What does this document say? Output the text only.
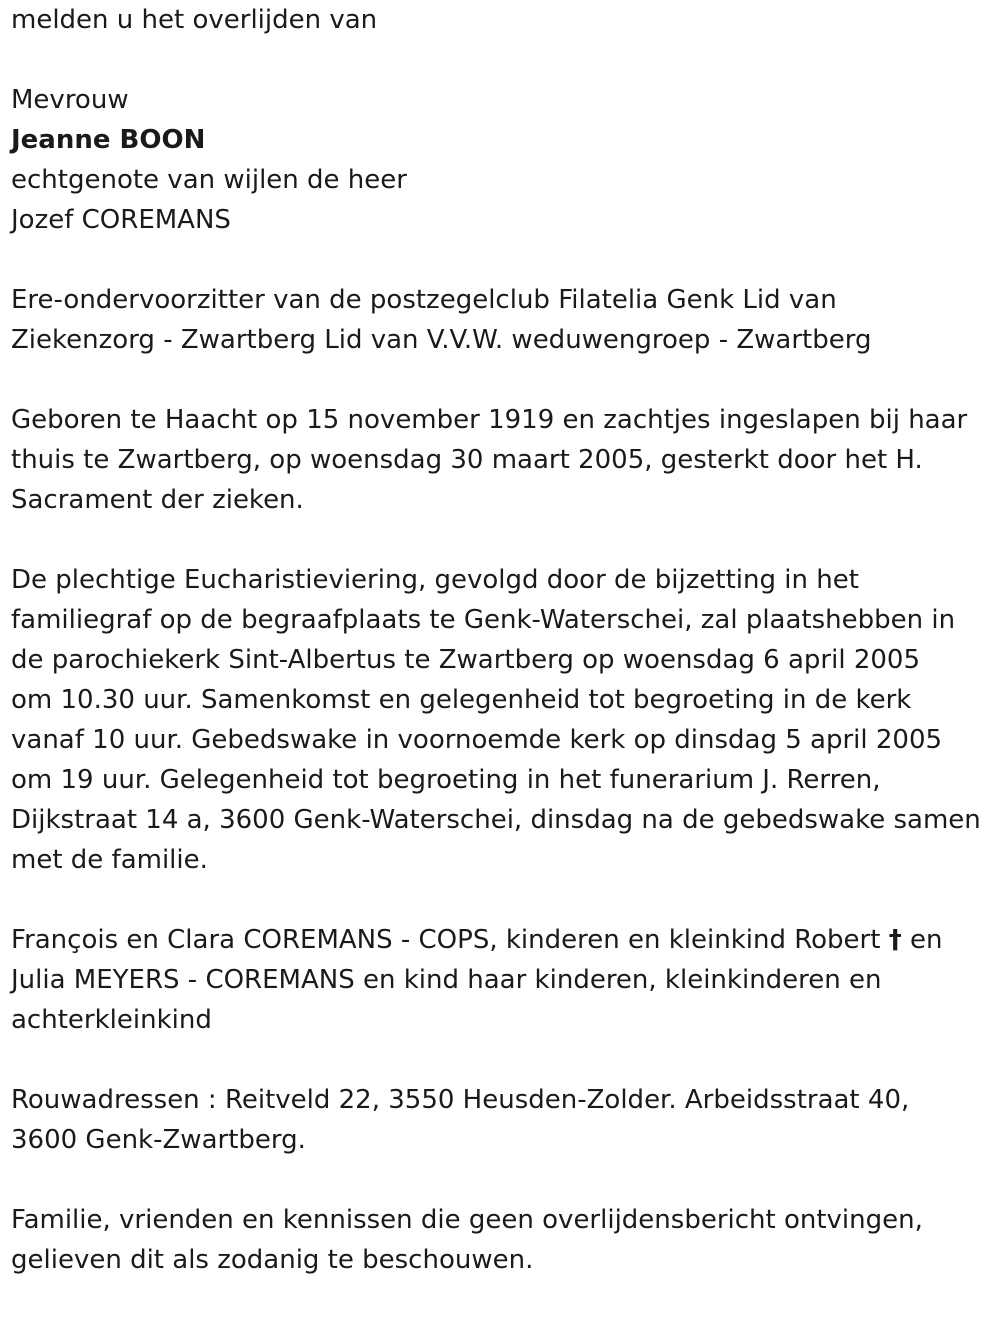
melden u het overlijden van

Mevrouw

Jeanne BOON

echtgenote van wijlen de heer

Jozef COREMANS

Ere-ondervoorzitter van de postzegelclub Filatelia Genk Lid van
Ziekenzorg - Zwartberg Lid van V.V.W. weduwengroep - Zwartberg
Geboren te Haacht op 15 november 1919 en zachtjes ingeslapen bij haar
thuis te Zwartberg, op woensdag 30 maart 2005, gesterkt door het H.
Sacrament der zieken.
De plechtige Eucharistieviering, gevolgd door de bijzetting in het
familiegraf op de begraafplaats te Genk-Waterschei, zal plaatshebben in
de parochiekerk Sint-Albertus te Zwartberg op woensdag 6 april 2005
om 10.30 uur. Samenkomst en gelegenheid tot begroeting in de kerk
vanaf 10 uur. Gebedswake in voornoemde kerk op dinsdag 5 april 2005
om 19 uur. Gelegenheid tot begroeting in het funerarium J. Rerren,
Dijkstraat 14 a, 3600 Genk-Waterschei, dinsdag na de gebedswake samen
met de familie.
François en Clara COREMANS - COPS, kinderen en kleinkind Robert † en
Julia MEYERS - COREMANS en kind haar kinderen, kleinkinderen en
achterkleinkind
Rouwadressen : Reitveld 22, 3550 Heusden-Zolder. Arbeidsstraat 40,
3600 Genk-Zwartberg.
Familie, vrienden en kennissen die geen overlijdensbericht ontvingen,
gelieven dit als zodanig te beschouwen.
